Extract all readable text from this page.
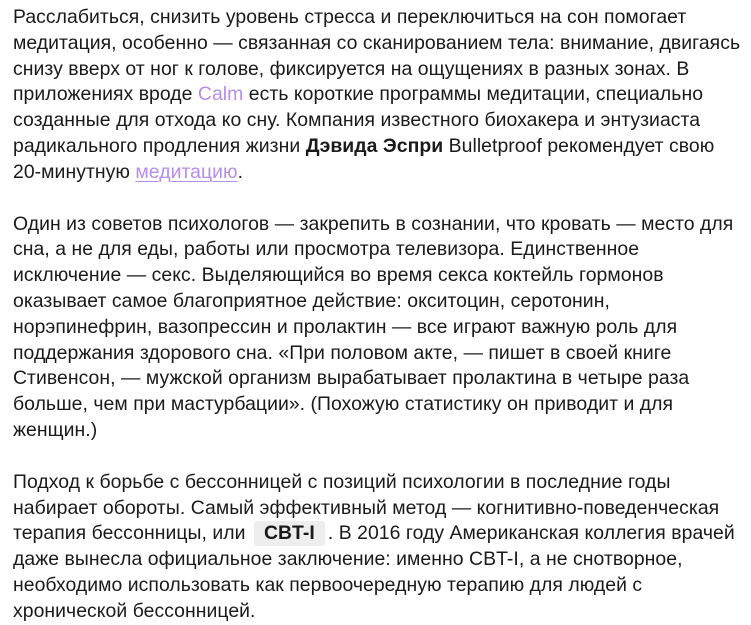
Расслабиться, снизить уровень стресса и переключиться на сон помогает
медитация, особенно — связанная со сканированием тела: внимание, двигаясь
снизу вверх от ног к голове, фиксируется на ощущениях в разных зонах. В
приложениях вроде Calm есть короткие программы медитации, специально
созданные для отхода ко сну. Компания известного биохакера и энтузиаста
радикального продления жизни Дэвида Эспри Bulletproof рекомендует свою
20-минутную медитацию.

Один из советов психологов — закрепить в сознании, что кровать — место для
сна, а не для еды, работы или просмотра телевизора. Единственное
исключение — секс. Выделяющийся во время секса коктейль гормонов
оказывает самое благоприятное действие: окситоцин, серотонин,
норэпинефрин, вазопрессин и пролактин — все играют важную роль для
поддержания здорового сна. «При половом акте, — пишет в своей книге
Стивенсон, — мужской организм вырабатывает пролактина в четыре раза
больше, чем при мастурбации». (Похожую статистику он приводит и для
женщин.)

Подход к борьбе с бессонницей с позиций психологии в последние годы
набирает обороты. Самый эффективный метод — когнитивно-поведенческая
терапия бессонницы, или CBT-I . В 2016 году Американская коллегия врачей
даже вынесла официальное заключение: именно CBT-I, а не снотворное,
необходимо использовать как первоочередную терапию для людей с
хронической бессонницей.
